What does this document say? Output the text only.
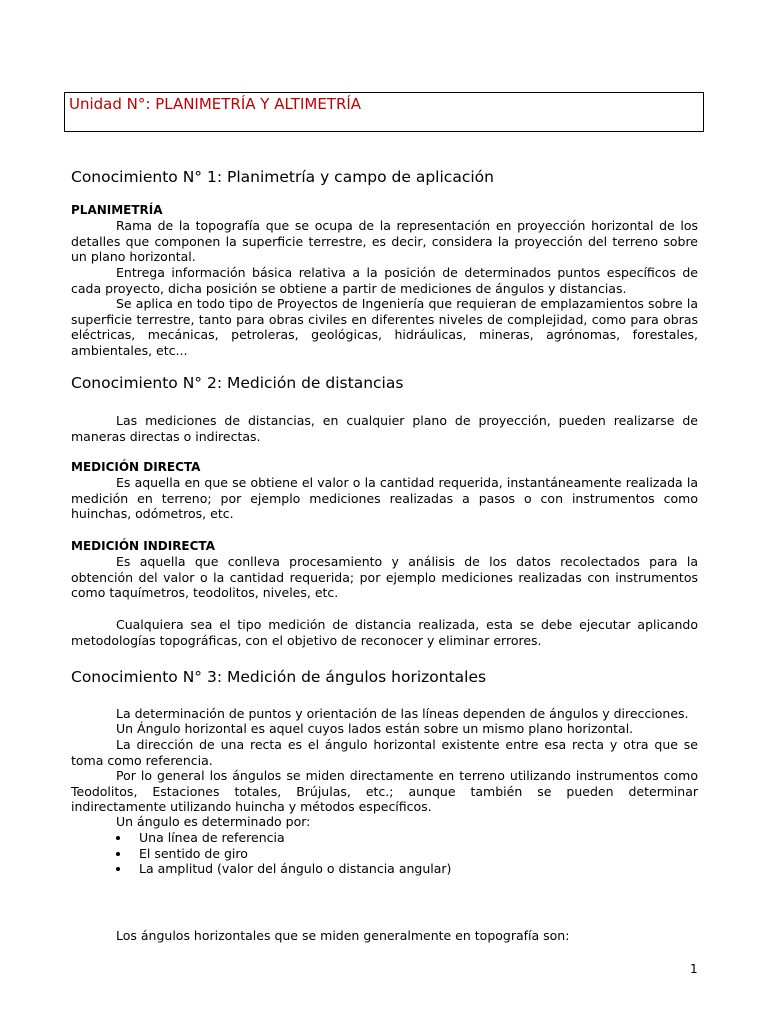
Unidad N°: PLANIMETRÍA Y ALTIMETRÍA
Conocimiento N° 1: Planimetría y campo de aplicación
PLANIMETRÍA

Rama de la topografía que se ocupa de la representación en proyección horizontal de los detalles que componen la superficie terrestre, es decir, considera la proyección del terreno sobre un plano horizontal.

Entrega información básica relativa a la posición de determinados puntos específicos de cada proyecto, dicha posición se obtiene a partir de mediciones de ángulos y distancias.

Se aplica en todo tipo de Proyectos de Ingeniería que requieran de emplazamientos sobre la superficie terrestre, tanto para obras civiles en diferentes niveles de complejidad, como para obras eléctricas, mecánicas, petroleras, geológicas, hidráulicas, mineras, agrónomas, forestales, ambientales, etc...

Conocimiento N° 2: Medición de distancias

Las mediciones de distancias, en cualquier plano de proyección, pueden realizarse de maneras directas o indirectas.

MEDICIÓN DIRECTA

Es aquella en que se obtiene el valor o la cantidad requerida, instantáneamente realizada la medición en terreno; por ejemplo mediciones realizadas a pasos o con instrumentos como huinchas, odómetros, etc.

MEDICIÓN INDIRECTA

Es aquella que conlleva procesamiento y análisis de los datos recolectados para la obtención del valor o la cantidad requerida; por ejemplo mediciones realizadas con instrumentos como taquímetros, teodolitos, niveles, etc.

Cualquiera sea el tipo medición de distancia realizada, esta se debe ejecutar aplicando metodologías topográficas, con el objetivo de reconocer y eliminar errores.

Conocimiento N° 3: Medición de ángulos horizontales

La determinación de puntos y orientación de las líneas dependen de ángulos y direcciones.

Un Ángulo horizontal es aquel cuyos lados están sobre un mismo plano horizontal.

La dirección de una recta es el ángulo horizontal existente entre esa recta y otra que se toma como referencia.

Por lo general los ángulos se miden directamente en terreno utilizando instrumentos como Teodolitos, Estaciones totales, Brújulas, etc.; aunque también se pueden determinar indirectamente utilizando huincha y métodos específicos.

Un ángulo es determinado por:

Una línea de referencia
El sentido de giro
La amplitud (valor del ángulo o distancia angular)

Los ángulos horizontales que se miden generalmente en topografía son:

1
